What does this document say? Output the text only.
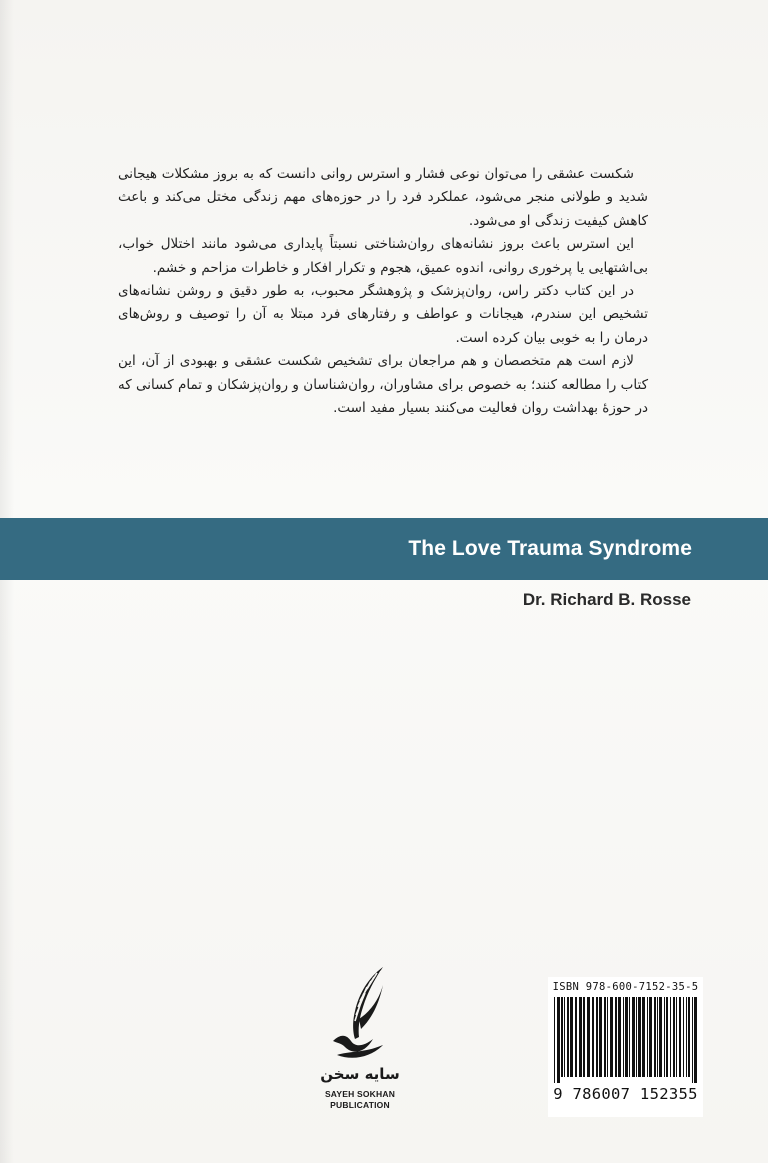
شکست عشقی را می‌توان نوعی فشار و استرس روانی دانست که به بروز مشکلات هیجانی شدید و طولانی منجر می‌شود، عملکرد فرد را در حوزه‌های مهم زندگی مختل می‌کند و باعث کاهش کیفیت زندگی او می‌شود.

این استرس باعث بروز نشانه‌های روان‌شناختی نسبتاً پایداری می‌شود مانند اختلال خواب، بی‌اشتهایی یا پرخوری روانی، اندوه عمیق، هجوم و تکرار افکار و خاطرات مزاحم و خشم.

در این کتاب دکتر راس، روان‌پزشک و پژوهشگر محبوب، به طور دقیق و روشن نشانه‌های تشخیص این سندرم، هیجانات و عواطف و رفتارهای فرد مبتلا به آن را توصیف و روش‌های درمان را به خوبی بیان کرده است.

لازم است هم متخصصان و هم مراجعان برای تشخیص شکست عشقی و بهبودی از آن، این کتاب را مطالعه کنند؛ به خصوص برای مشاوران، روان‌شناسان و روان‌پزشکان و تمام کسانی که در حوزهٔ بهداشت روان فعالیت می‌کنند بسیار مفید است.

The Love Trauma Syndrome
Dr. Richard B. Rosse
سایه سخن
SAYEH SOKHAN
PUBLICATION
ISBN 978-600-7152-35-5
9 786007 152355
